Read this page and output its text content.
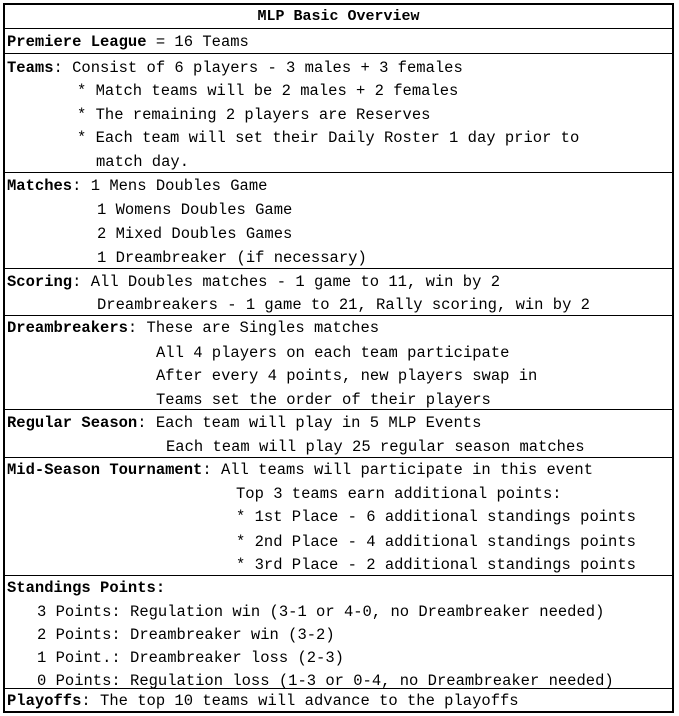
MLP Basic Overview
Premiere League = 16 Teams
Teams: Consist of 6 players - 3 males + 3 females
* Match teams will be 2 males + 2 females
* The remaining 2 players are Reserves
* Each team will set their Daily Roster 1 day prior to
match day.
Matches: 1 Mens Doubles Game
1 Womens Doubles Game
2 Mixed Doubles Games
1 Dreambreaker (if necessary)
Scoring: All Doubles matches - 1 game to 11, win by 2
Dreambreakers - 1 game to 21, Rally scoring, win by 2
Dreambreakers: These are Singles matches
All 4 players on each team participate
After every 4 points, new players swap in
Teams set the order of their players
Regular Season: Each team will play in 5 MLP Events
Each team will play 25 regular season matches
Mid-Season Tournament: All teams will participate in this event
Top 3 teams earn additional points:
* 1st Place - 6 additional standings points
* 2nd Place - 4 additional standings points
* 3rd Place - 2 additional standings points
Standings Points:
3 Points: Regulation win (3-1 or 4-0, no Dreambreaker needed)
2 Points: Dreambreaker win (3-2)
1 Point.: Dreambreaker loss (2-3)
0 Points: Regulation loss (1-3 or 0-4, no Dreambreaker needed)
Playoffs: The top 10 teams will advance to the playoffs
